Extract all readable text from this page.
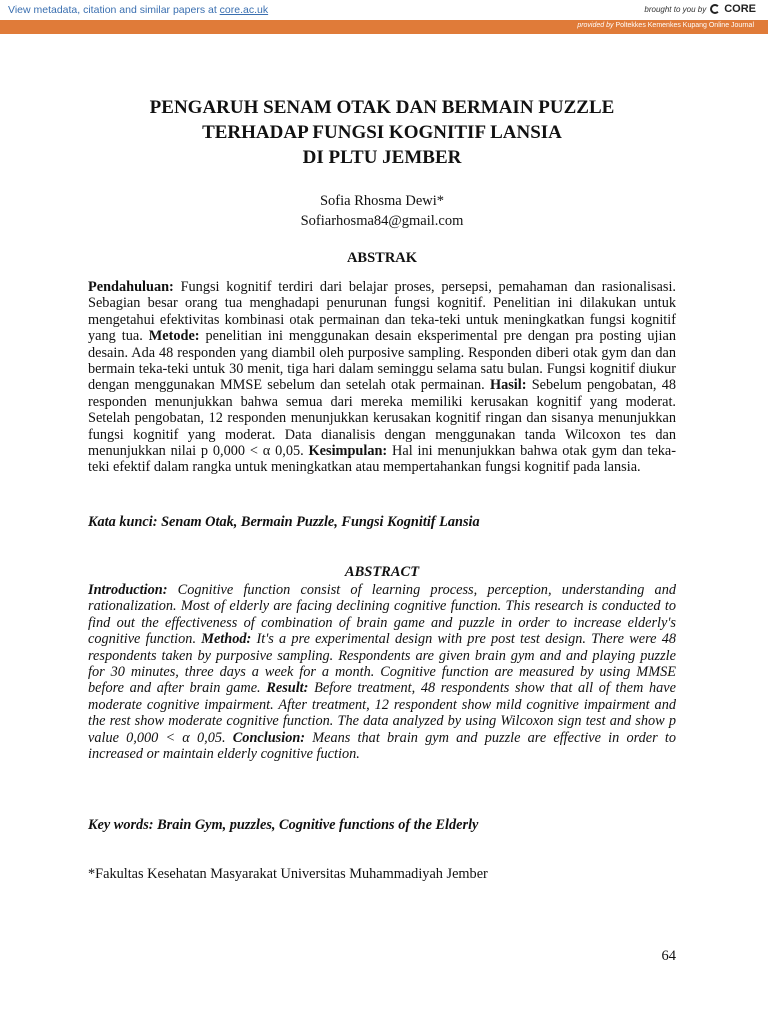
View metadata, citation and similar papers at core.ac.uk	brought to you by CORE
provided by Poltekkes Kemenkes Kupang Online Journal
PENGARUH SENAM OTAK DAN BERMAIN PUZZLE
TERHADAP FUNGSI KOGNITIF LANSIA
DI PLTU JEMBER
Sofia Rhosma Dewi*
Sofiarhosma84@gmail.com
ABSTRAK
Pendahuluan: Fungsi kognitif terdiri dari belajar proses, persepsi, pemahaman dan rasionalisasi. Sebagian besar orang tua menghadapi penurunan fungsi kognitif. Penelitian ini dilakukan untuk mengetahui efektivitas kombinasi otak permainan dan teka-teki untuk meningkatkan fungsi kognitif yang tua. Metode: penelitian ini menggunakan desain eksperimental pre dengan pra posting ujian desain. Ada 48 responden yang diambil oleh purposive sampling. Responden diberi otak gym dan dan bermain teka-teki untuk 30 menit, tiga hari dalam seminggu selama satu bulan. Fungsi kognitif diukur dengan menggunakan MMSE sebelum dan setelah otak permainan. Hasil: Sebelum pengobatan, 48 responden menunjukkan bahwa semua dari mereka memiliki kerusakan kognitif yang moderat. Setelah pengobatan, 12 responden menunjukkan kerusakan kognitif ringan dan sisanya menunjukkan fungsi kognitif yang moderat. Data dianalisis dengan menggunakan tanda Wilcoxon tes dan menunjukkan nilai p 0,000 < α 0,05. Kesimpulan: Hal ini menunjukkan bahwa otak gym dan teka-teki efektif dalam rangka untuk meningkatkan atau mempertahankan fungsi kognitif pada lansia.
Kata kunci: Senam Otak, Bermain Puzzle, Fungsi Kognitif Lansia
ABSTRACT
Introduction: Cognitive function consist of learning process, perception, understanding and rationalization. Most of elderly are facing declining cognitive function. This research is conducted to find out the effectiveness of combination of brain game and puzzle in order to increase elderly's cognitive function. Method: It's a pre experimental design with pre post test design. There were 48 respondents taken by purposive sampling. Respondents are given brain gym and and playing puzzle for 30 minutes, three days a week for a month. Cognitive function are measured by using MMSE before and after brain game. Result: Before treatment, 48 respondents show that all of them have moderate cognitive impairment. After treatment, 12 respondent show mild cognitive impairment and the rest show moderate cognitive function. The data analyzed by using Wilcoxon sign test and show p value 0,000 < α 0,05. Conclusion: Means that brain gym and puzzle are effective in order to increased or maintain elderly cognitive fuction.
Key words: Brain Gym, puzzles, Cognitive functions of the Elderly
*Fakultas Kesehatan Masyarakat Universitas Muhammadiyah Jember
64
